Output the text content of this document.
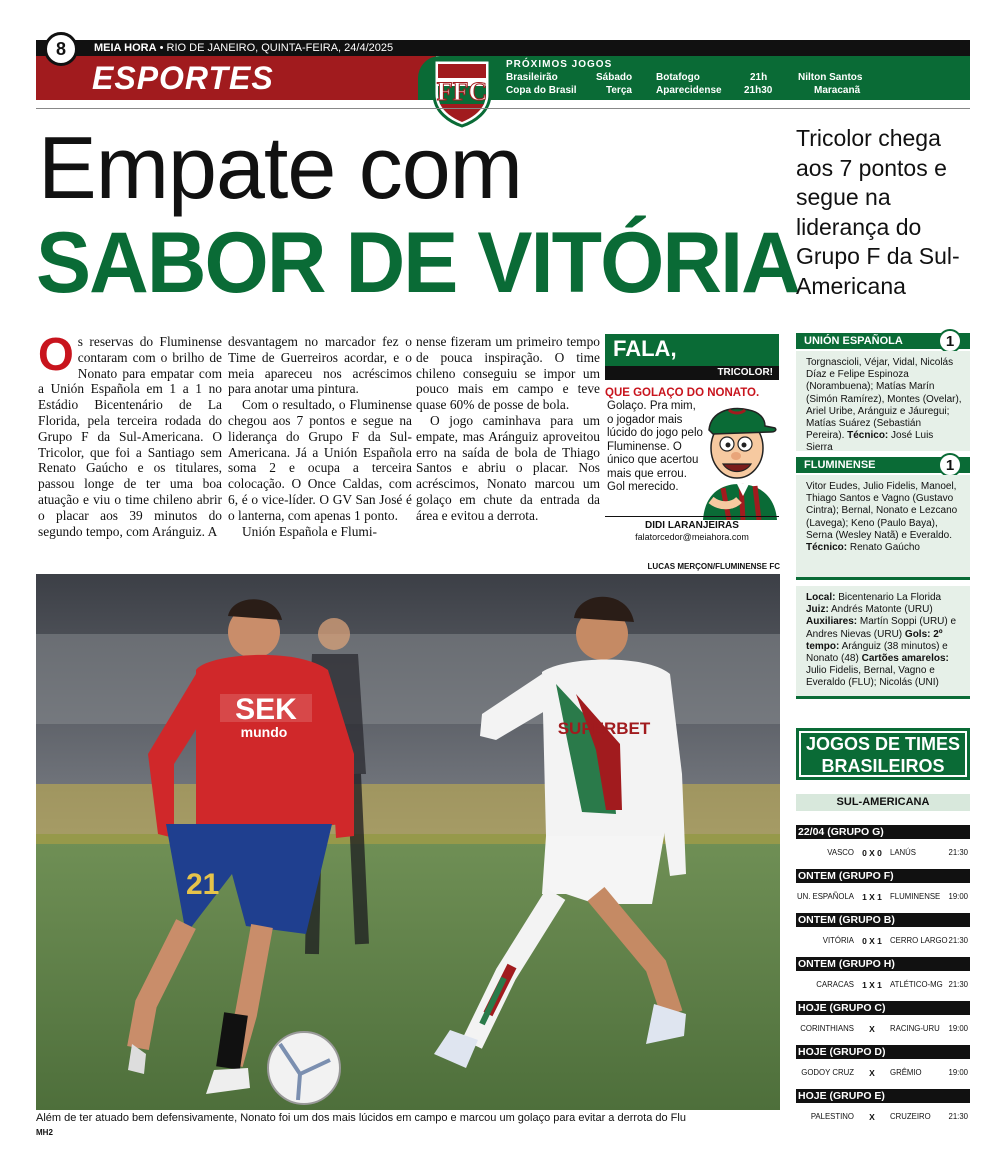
MEIA HORA • RIO DE JANEIRO, QUINTA-FEIRA, 24/4/2025
ESPORTES
8
FFC
PRÓXIMOS JOGOS
Brasileirão	Sábado Botafogo	21h	Nilton Santos
Copa do Brasil	Terça Aparecidense 21h30	Maracanã
Empate com
SABOR DE VITÓRIA
Tricolor chega aos 7 pontos e segue na liderança do Grupo F da Sul-Americana
O s reservas do Fluminense contaram com o brilho de Nonato para empatar com a Unión Española em 1 a 1 no Estádio Bicentenário de La Florida, pela terceira rodada do Grupo F da Sul-Americana. O Tricolor, que foi a Santiago sem Renato Gaúcho e os titulares, passou longe de ter uma boa atuação e viu o time chileno abrir o placar aos 39 minutos do segundo tempo, com Aránguiz. A

desvantagem no marcador fez o Time de Guerreiros acordar, e o meia apareceu nos acréscimos para anotar uma pintura.

Com o resultado, o Fluminense chegou aos 7 pontos e segue na liderança do Grupo F da Sul-Americana. Já a Unión Española soma 2 e ocupa a terceira colocação. O Once Caldas, com 6, é o vice-líder. O GV San José é o lanterna, com apenas 1 ponto.

Unión Española e Flumi-

nense fizeram um primeiro tempo de pouca inspiração. O time chileno conseguiu se impor um pouco mais em campo e teve quase 60% de posse de bola.

O jogo caminhava para um empate, mas Aránguiz aproveitou erro na saída de bola de Thiago Santos e abriu o placar. Nos acréscimos, Nonato marcou um golaço em chute da entrada da área e evitou a derrota.

FALA,
TRICOLOR!
QUE GOLAÇO DO NONATO.
Golaço. Pra mim, o jogador mais lúcido do jogo pelo Fluminense. O único que acertou mais que errou. Gol merecido.
DIDI LARANJEIRAS
falatorcedor@meiahora.com
UNIÓN ESPAÑOLA	1
Torgnascioli, Véjar, Vidal, Nicolás Díaz e Felipe Espinoza (Norambuena); Matías Marín (Simón Ramírez), Montes (Ovelar), Ariel Uribe, Aránguiz e Jáuregui; Matías Suárez (Sebastián Pereira). Técnico: José Luis Sierra
FLUMINENSE	1
Vitor Eudes, Julio Fidelis, Manoel, Thiago Santos e Vagno (Gustavo Cintra); Bernal, Nonato e Lezcano (Lavega); Keno (Paulo Baya), Serna (Wesley Natã) e Everaldo. Técnico: Renato Gaúcho
Local: Bicentenario La Florida Juiz: Andrés Matonte (URU) Auxiliares: Martín Soppi (URU) e Andres Nievas (URU) Gols: 2º tempo: Aránguiz (38 minutos) e Nonato (48) Cartões amarelos: Julio Fidelis, Bernal, Vagno e Everaldo (FLU); Nicolás (UNI)
LUCAS MERÇON/FLUMINENSE FC
SEK
mundo
21
SUPERBET
Além de ter atuado bem defensivamente, Nonato foi um dos mais lúcidos em campo e marcou um golaço para evitar a derrota do Flu
MH2
JOGOS DE TIMES BRASILEIROS
SUL-AMERICANA
22/04 (GRUPO G)
VASCO 0 X 0	LANÚS	21:30
ONTEM (GRUPO F)
UN. ESPAÑOLA 1 X 1	FLUMINENSE 19:00
ONTEM (GRUPO B)
VITÓRIA 0 X 1	CERRO LARGO 21:30
ONTEM (GRUPO H)
CARACAS 1 X 1	ATLÉTICO-MG 21:30
HOJE (GRUPO C)
CORINTHIANS	X	RACING-URU 19:00
HOJE (GRUPO D)
GODOY CRUZ	X	GRÊMIO	19:00
HOJE (GRUPO E)
PALESTINO	X	CRUZEIRO 21:30
